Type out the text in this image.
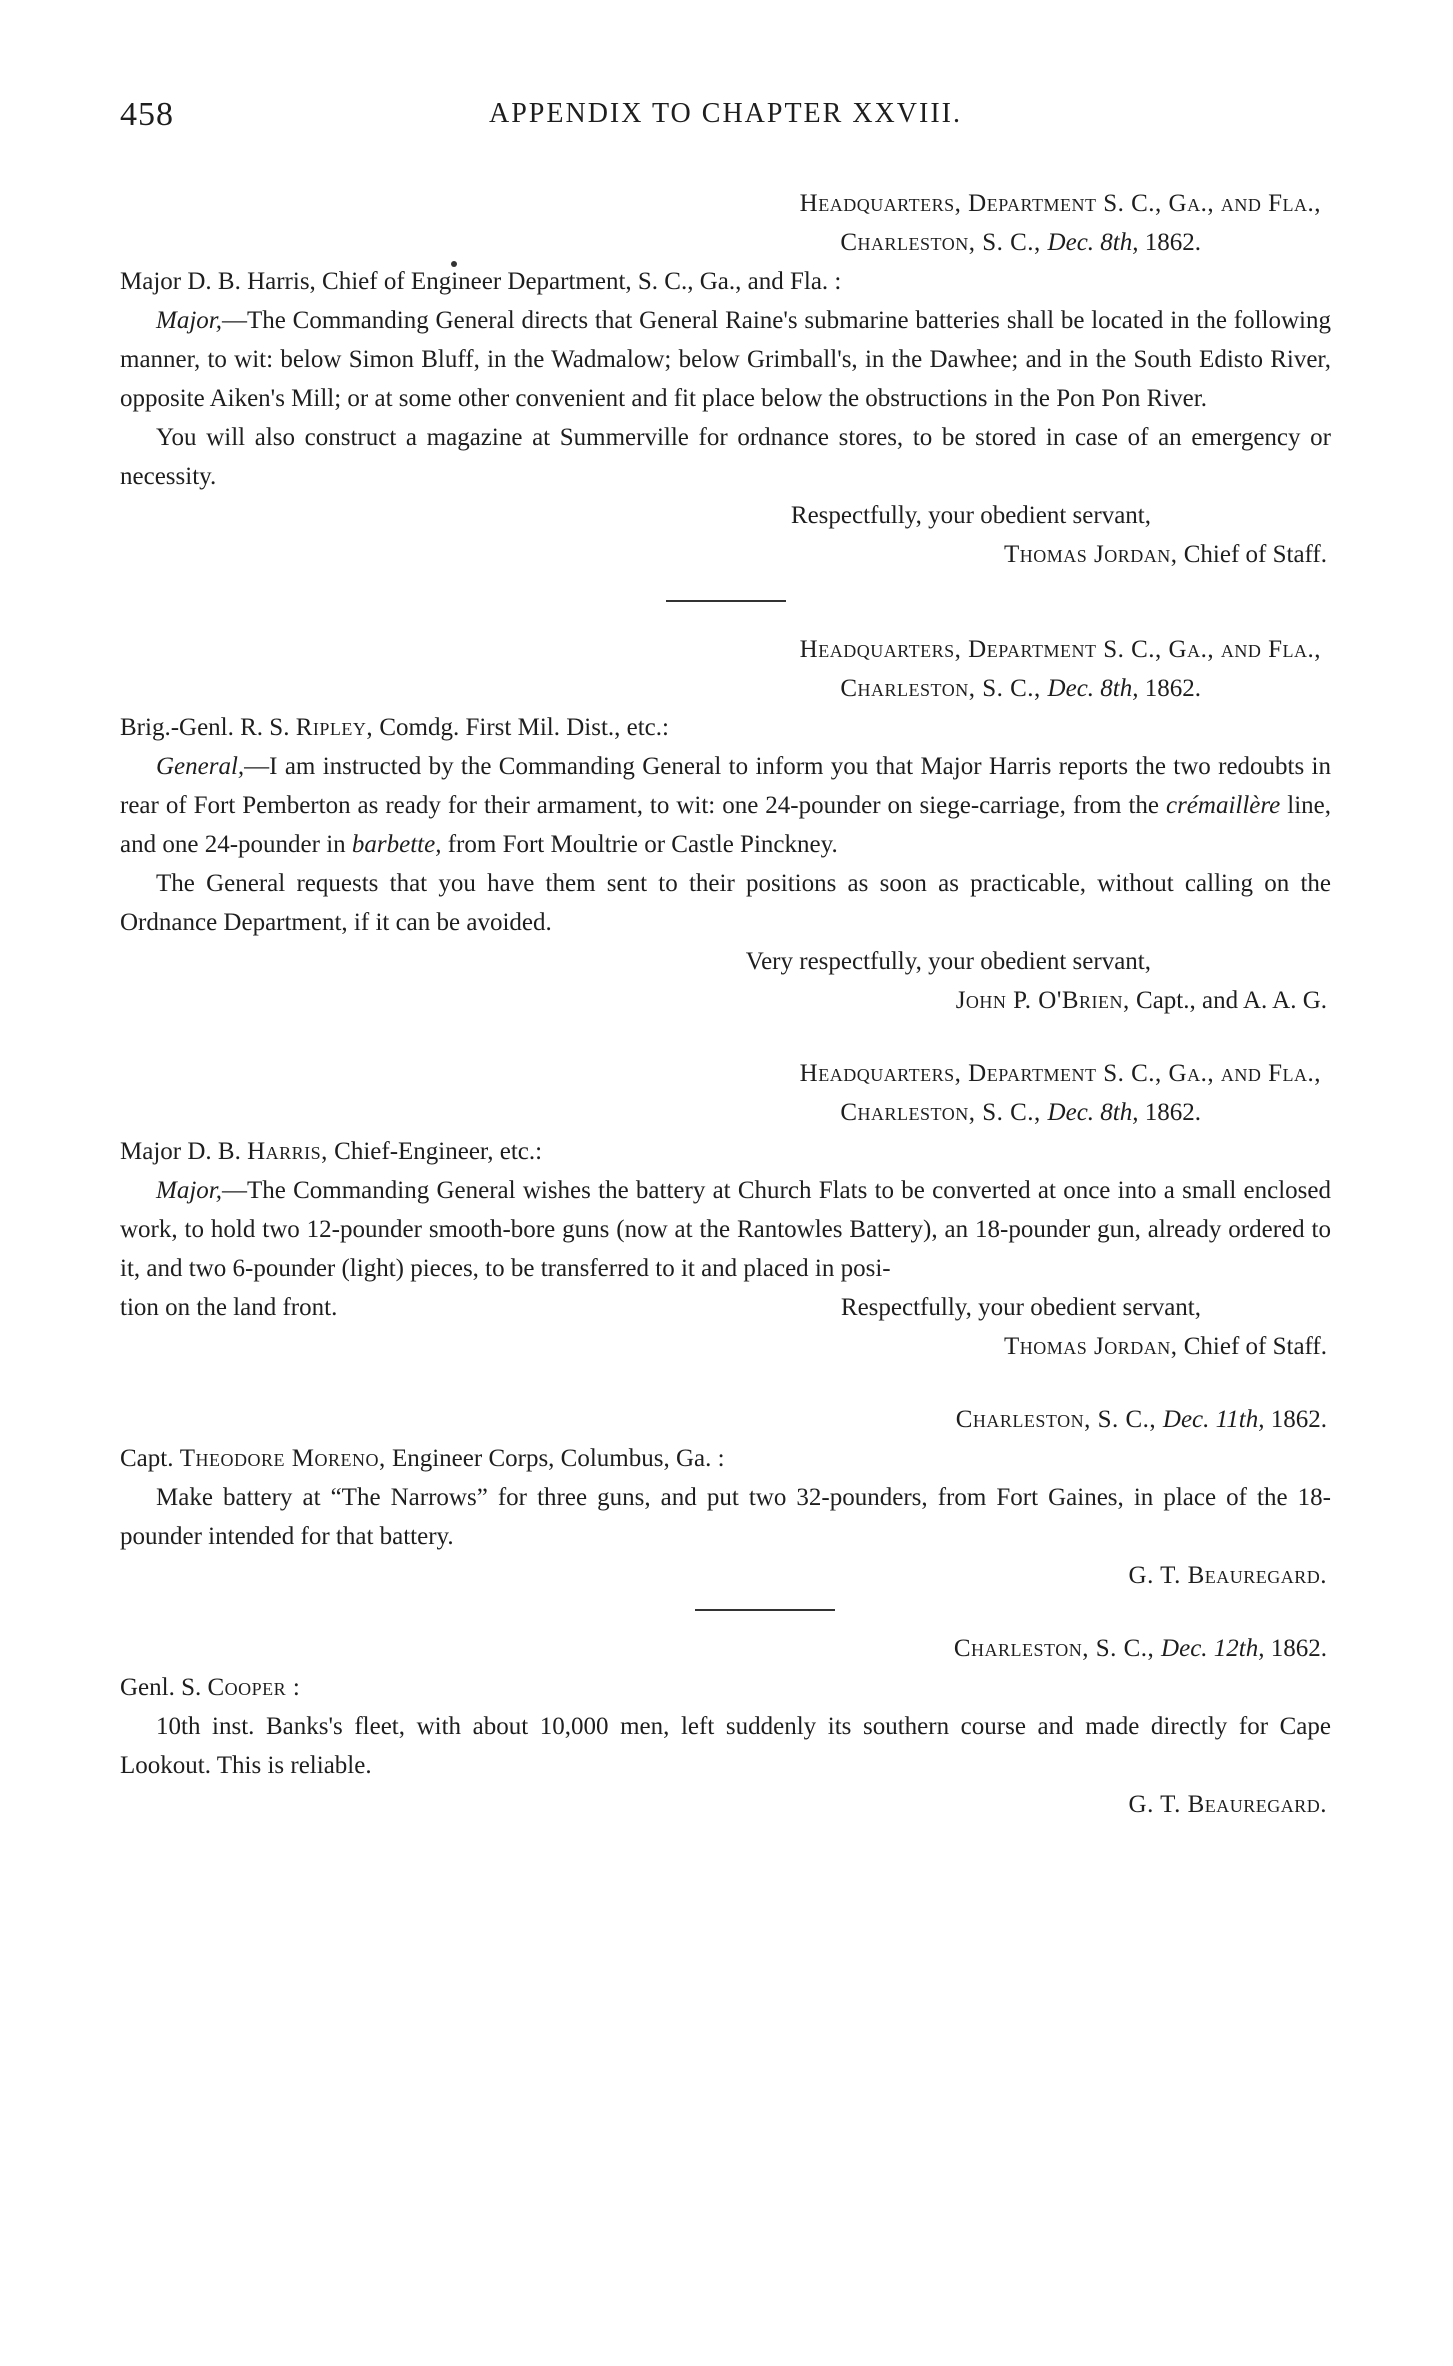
458	APPENDIX TO CHAPTER XXVIII.
Headquarters, Department S. C., Ga., and Fla.,
Charleston, S. C., Dec. 8th, 1862.
Major D. B. Harris, Chief of Engineer Department, S. C., Ga., and Fla. :

Major,—The Commanding General directs that General Raine's submarine batteries shall be located in the following manner, to wit: below Simon Bluff, in the Wadmalow; below Grimball's, in the Dawhee; and in the South Edisto River, opposite Aiken's Mill; or at some other convenient and fit place below the obstructions in the Pon Pon River.

You will also construct a magazine at Summerville for ordnance stores, to be stored in case of an emergency or necessity.

Respectfully, your obedient servant,
Thomas Jordan, Chief of Staff.
Headquarters, Department S. C., Ga., and Fla.,
Charleston, S. C., Dec. 8th, 1862.
Brig.-Genl. R. S. Ripley, Comdg. First Mil. Dist., etc.:

General,—I am instructed by the Commanding General to inform you that Major Harris reports the two redoubts in rear of Fort Pemberton as ready for their armament, to wit: one 24-pounder on siege-carriage, from the crémaillère line, and one 24-pounder in barbette, from Fort Moultrie or Castle Pinckney.

The General requests that you have them sent to their positions as soon as practicable, without calling on the Ordnance Department, if it can be avoided.

Very respectfully, your obedient servant,
John P. O'Brien, Capt., and A. A. G.
Headquarters, Department S. C., Ga., and Fla.,
Charleston, S. C., Dec. 8th, 1862.
Major D. B. Harris, Chief-Engineer, etc.:

Major,—The Commanding General wishes the battery at Church Flats to be converted at once into a small enclosed work, to hold two 12-pounder smooth-bore guns (now at the Rantowles Battery), an 18-pounder gun, already ordered to it, and two 6-pounder (light) pieces, to be transferred to it and placed in posi-

tion on the land front.	Respectfully, your obedient servant,
Thomas Jordan, Chief of Staff.
Charleston, S. C., Dec. 11th, 1862.
Capt. Theodore Moreno, Engineer Corps, Columbus, Ga. :

Make battery at “The Narrows” for three guns, and put two 32-pounders, from Fort Gaines, in place of the 18-pounder intended for that battery.

G. T. Beauregard.
Charleston, S. C., Dec. 12th, 1862.
Genl. S. Cooper :

10th inst. Banks's fleet, with about 10,000 men, left suddenly its southern course and made directly for Cape Lookout. This is reliable.

G. T. Beauregard.
